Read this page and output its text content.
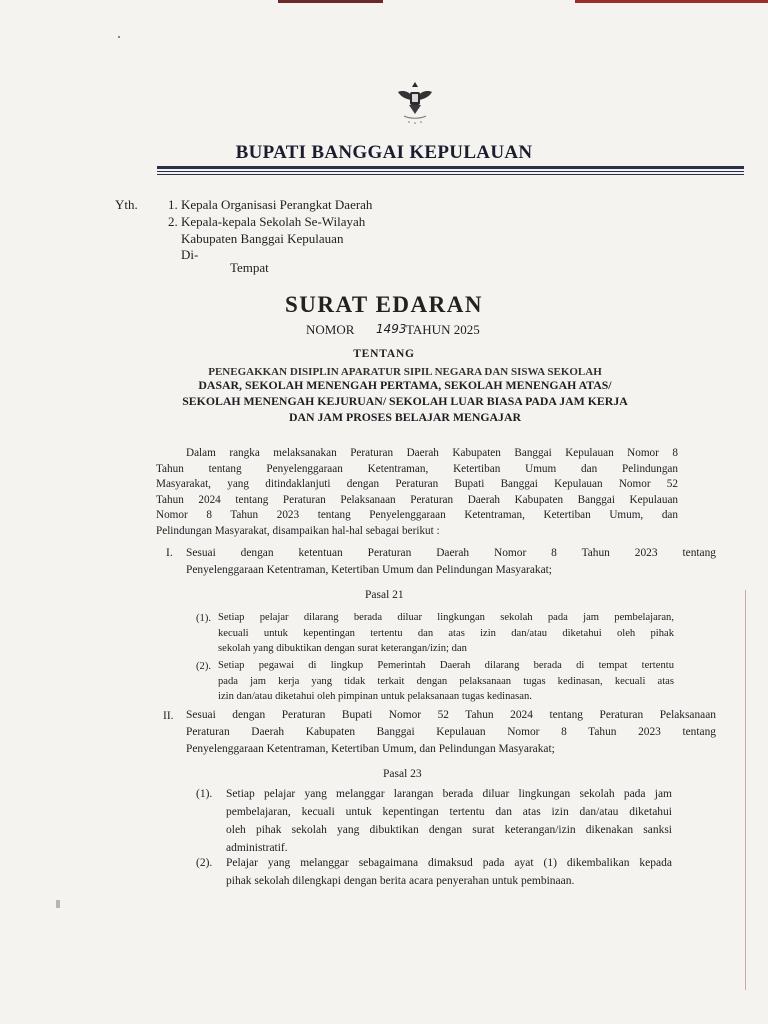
BUPATI BANGGAI KEPULAUAN
Yth. 1. Kepala Organisasi Perangkat Daerah
2. Kepala-kepala Sekolah Se-Wilayah
Kabupaten Banggai Kepulauan
Di-
Tempat
SURAT EDARAN
NOMOR 1493 TAHUN 2025
TENTANG
PENEGAKKAN DISIPLIN APARATUR SIPIL NEGARA DAN SISWA SEKOLAH
DASAR, SEKOLAH MENENGAH PERTAMA, SEKOLAH MENENGAH ATAS/
SEKOLAH MENENGAH KEJURUAN/ SEKOLAH LUAR BIASA PADA JAM KERJA
DAN JAM PROSES BELAJAR MENGAJAR
Dalam rangka melaksanakan Peraturan Daerah Kabupaten Banggai Kepulauan Nomor 8
Tahun tentang Penyelenggaraan Ketentraman, Ketertiban Umum dan Pelindungan
Masyarakat, yang ditindaklanjuti dengan Peraturan Bupati Banggai Kepulauan Nomor 52
Tahun 2024 tentang Peraturan Pelaksanaan Peraturan Daerah Kabupaten Banggai Kepulauan
Nomor 8 Tahun 2023 tentang Penyelenggaraan Ketentraman, Ketertiban Umum, dan
Pelindungan Masyarakat, disampaikan hal-hal sebagai berikut :
I. Sesuai dengan ketentuan Peraturan Daerah Nomor 8 Tahun 2023 tentang
Penyelenggaraan Ketentraman, Ketertiban Umum dan Pelindungan Masyarakat;
Pasal 21
(1). Setiap pelajar dilarang berada diluar lingkungan sekolah pada jam pembelajaran,
kecuali untuk kepentingan tertentu dan atas izin dan/atau diketahui oleh pihak
sekolah yang dibuktikan dengan surat keterangan/izin; dan
(2). Setiap pegawai di lingkup Pemerintah Daerah dilarang berada di tempat tertentu
pada jam kerja yang tidak terkait dengan pelaksanaan tugas kedinasan, kecuali atas
izin dan/atau diketahui oleh pimpinan untuk pelaksanaan tugas kedinasan.
II. Sesuai dengan Peraturan Bupati Nomor 52 Tahun 2024 tentang Peraturan Pelaksanaan
Peraturan Daerah Kabupaten Banggai Kepulauan Nomor 8 Tahun 2023 tentang
Penyelenggaraan Ketentraman, Ketertiban Umum, dan Pelindungan Masyarakat;
Pasal 23
(1). Setiap pelajar yang melanggar larangan berada diluar lingkungan sekolah pada jam
pembelajaran, kecuali untuk kepentingan tertentu dan atas izin dan/atau diketahui
oleh pihak sekolah yang dibuktikan dengan surat keterangan/izin dikenakan sanksi
administratif.
(2). Pelajar yang melanggar sebagaimana dimaksud pada ayat (1) dikembalikan kepada
pihak sekolah dilengkapi dengan berita acara penyerahan untuk pembinaan.
